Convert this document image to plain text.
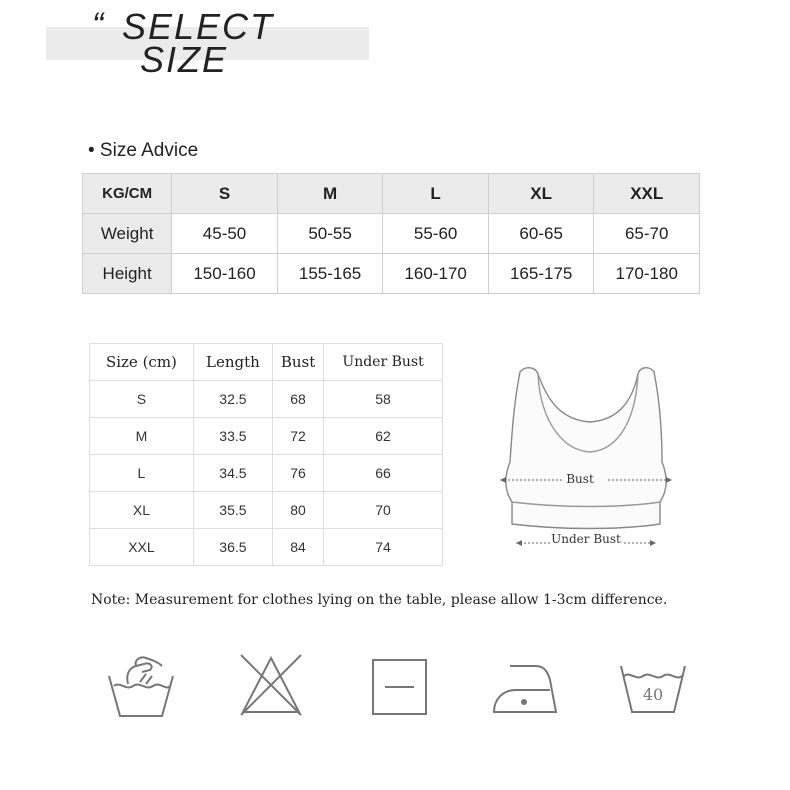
“ SELECT
SIZE
• Size Advice
KG/CM	S	M	L	XL	XXL
Weight	45-50	50-55	55-60	60-65	65-70
Height	150-160	155-165	160-170	165-175	170-180
Size (cm)	Length	Bust	Under Bust
S	32.5	68	58
M	33.5	72	62
L	34.5	76	66
XL	35.5	80	70
XXL	36.5	84	74
Bust
Under Bust
Note: Measurement for clothes lying on the table, please allow 1-3cm difference.
40
